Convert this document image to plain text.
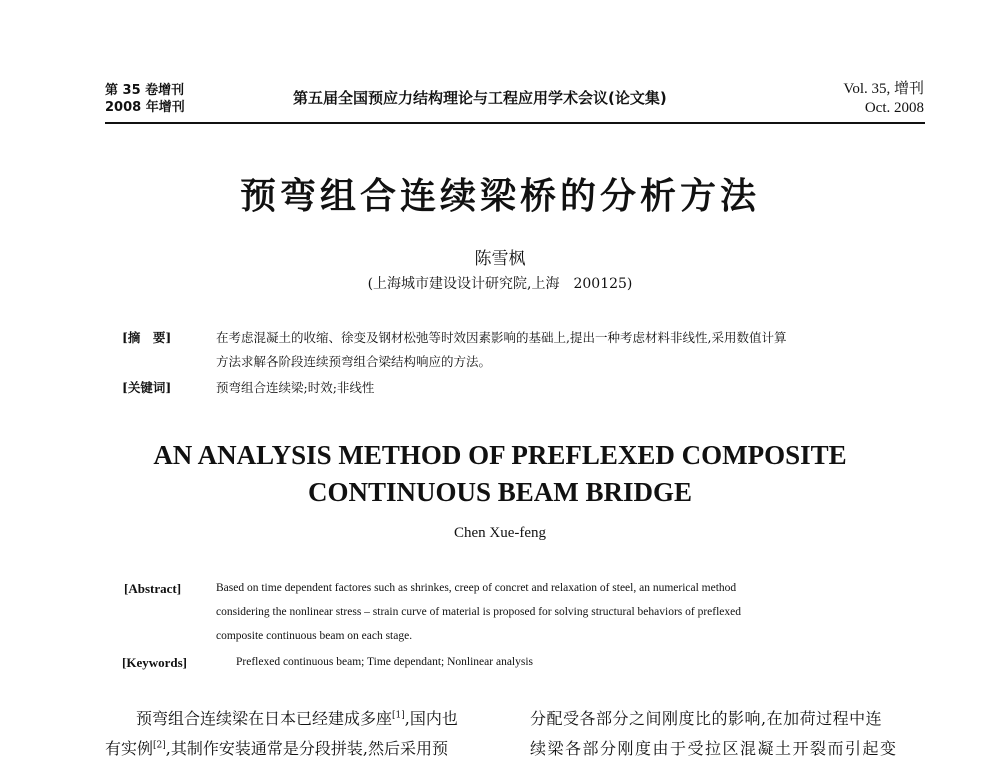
第 35 卷增刊
2008 年增刊
第五届全国预应力结构理论与工程应用学术会议(论文集)	Vol. 35, 增刊
Oct. 2008
预弯组合连续梁桥的分析方法
陈雪枫
(上海城市建设设计研究院,上海　200125)
[摘　要]	在考虑混凝土的收缩、徐变及钢材松弛等时效因素影响的基础上,提出一种考虑材料非线性,采用数值计算
方法求解各阶段连续预弯组合梁结构响应的方法。
[关键词]	预弯组合连续梁;时效;非线性
AN ANALYSIS METHOD OF PREFLEXED COMPOSITE
CONTINUOUS BEAM BRIDGE
Chen Xue-feng
[Abstract]	Based on time dependent factores such as shrinkes, creep of concret and relaxation of steel, an numerical method
considering the nonlinear stress – strain curve of material is proposed for solving structural behaviors of preflexed
composite continuous beam on each stage.
[Keywords]	Preflexed continuous beam; Time dependant; Nonlinear analysis
预弯组合连续梁在日本已经建成多座[1],国内也
有实例[2],其制作安装通常是分段拼装,然后采用预
分配受各部分之间刚度比的影响,在加荷过程中连
续梁各部分刚度由于受拉区混凝土开裂而引起变
